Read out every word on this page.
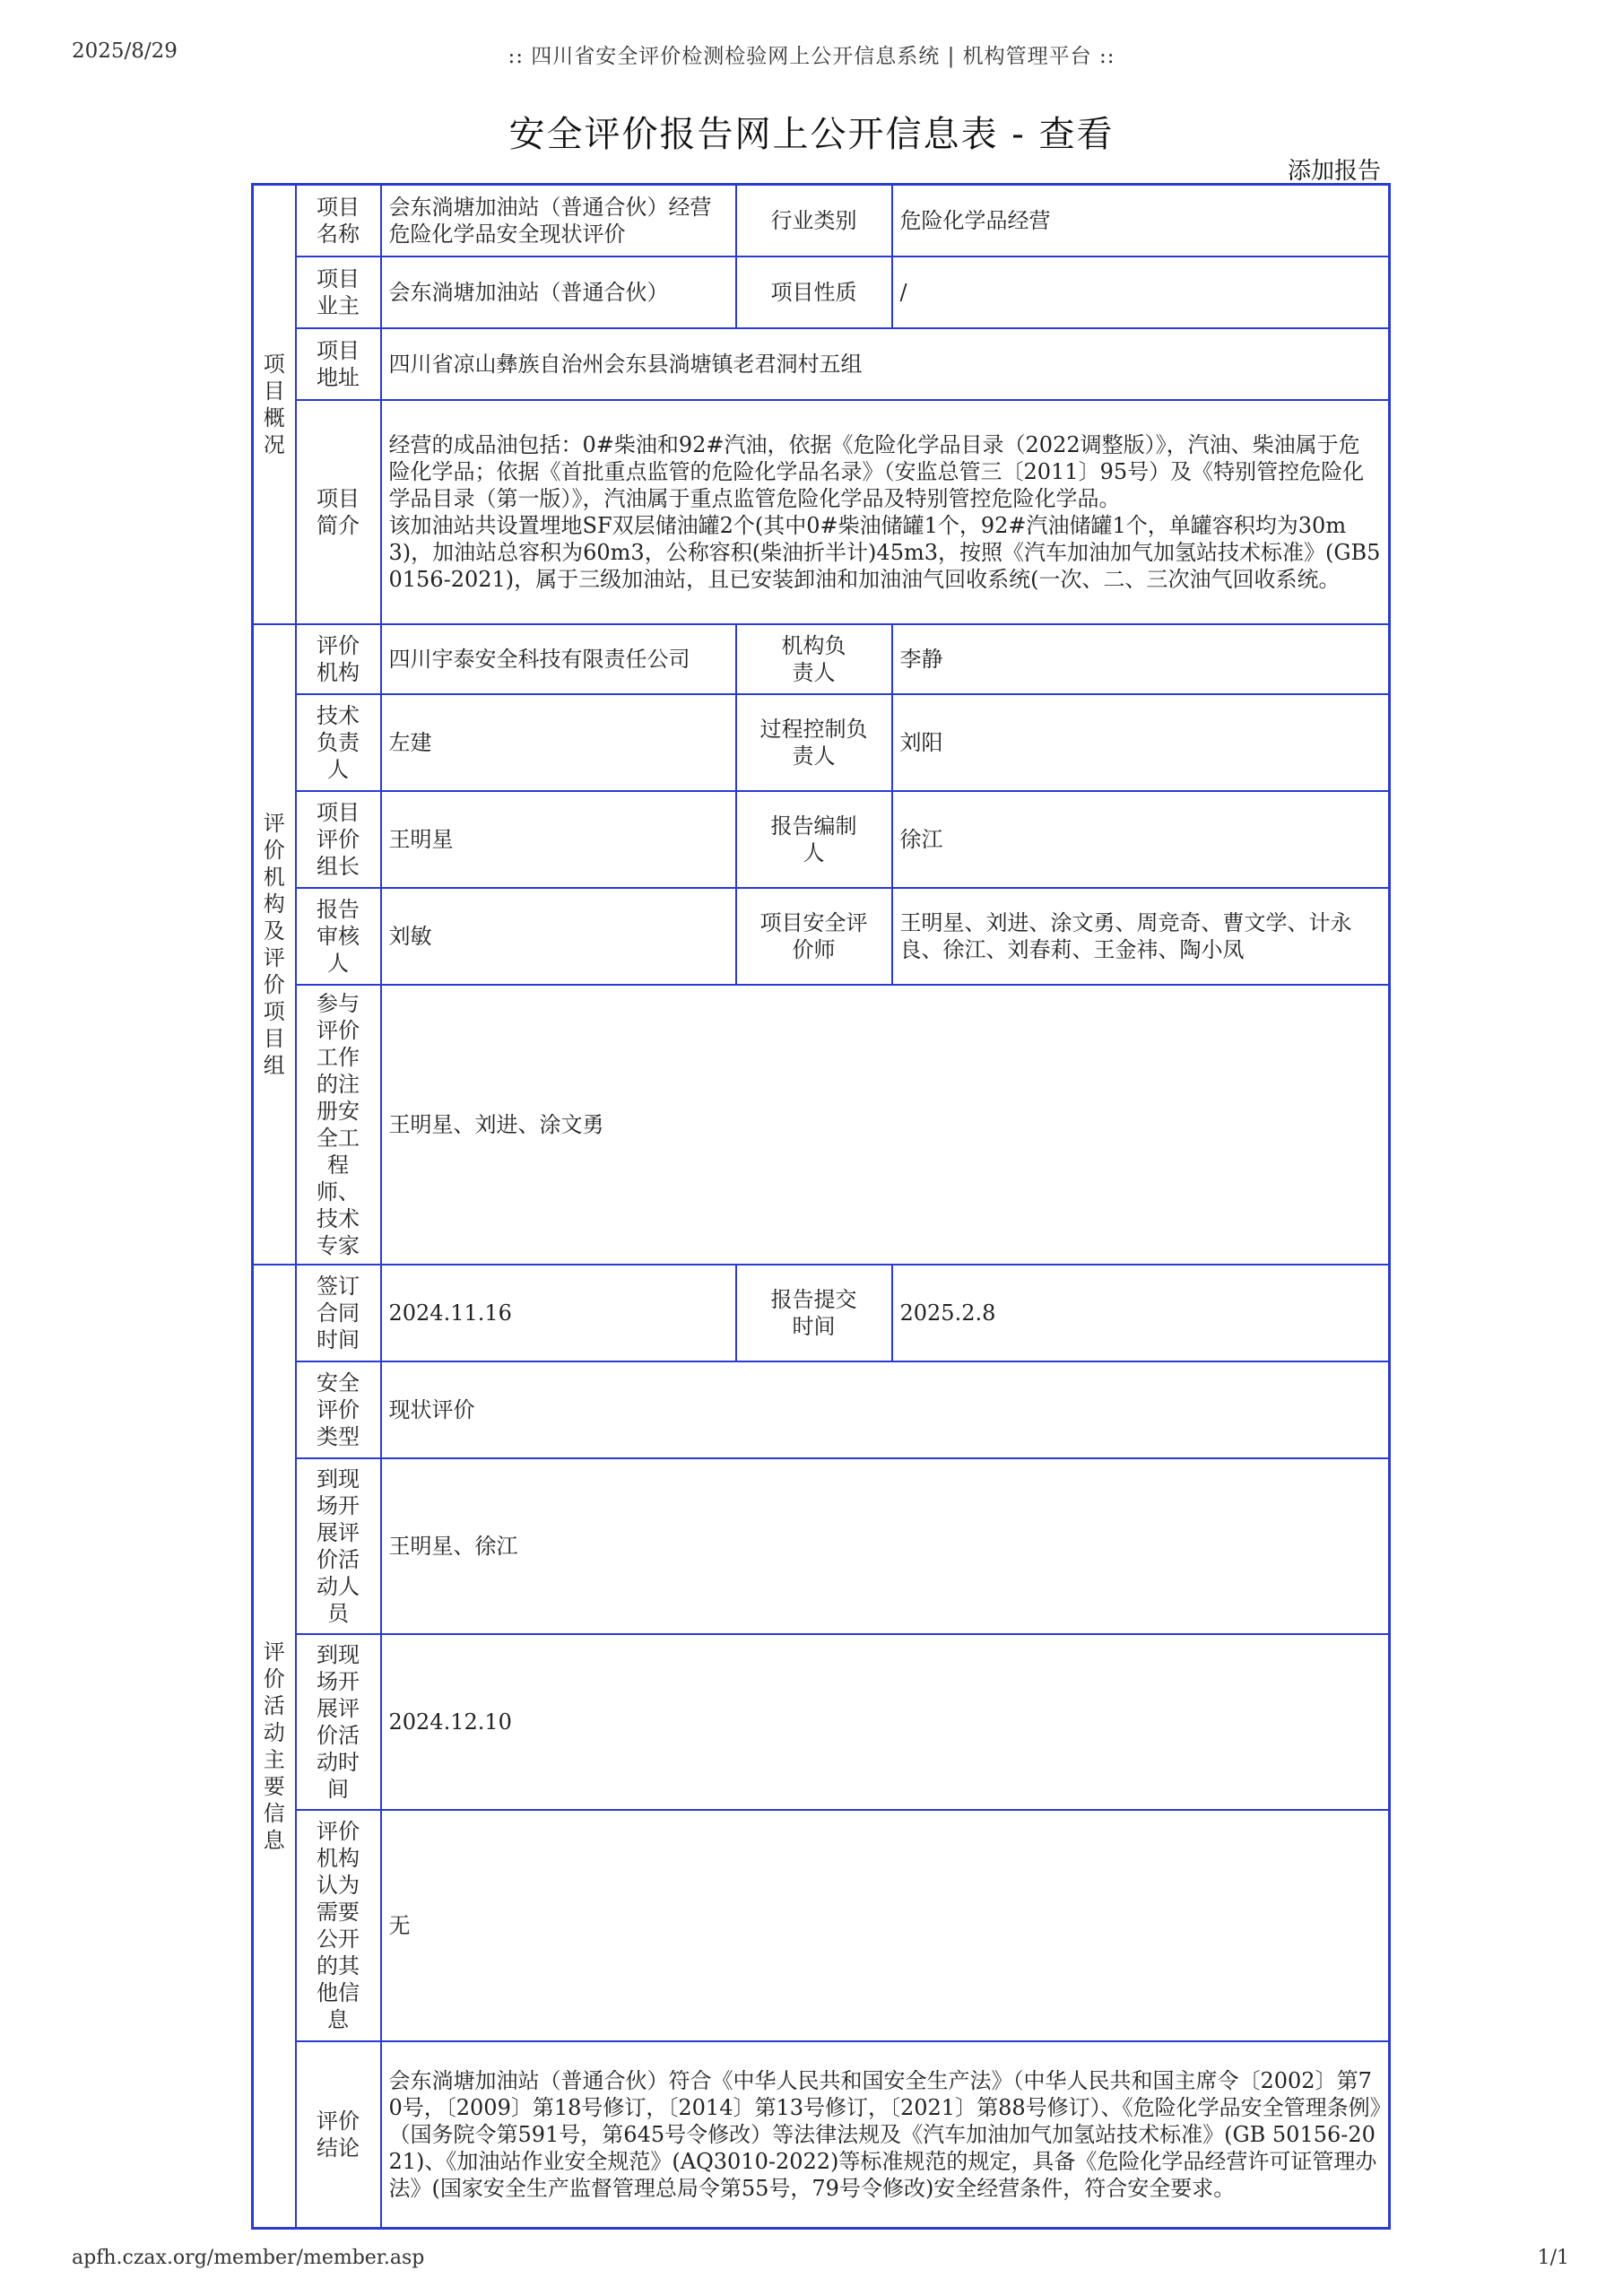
2025/8/29	:: 四川省安全评价检测检验网上公开信息系统 | 机构管理平台 ::
安全评价报告网上公开信息表 - 查看
添加报告
项目概况	项目名称	会东淌塘加油站（普通合伙）经营危险化学品安全现状评价	行业类别	危险化学品经营

	项目业主	会东淌塘加油站（普通合伙）	项目性质	/

	项目地址	四川省凉山彝族自治州会东县淌塘镇老君洞村五组		

	项目简介	经营的成品油包括：0#柴油和92#汽油，依据《危险化学品目录（2022调整版）》，汽油、柴油属于危险化学品；依据《首批重点监管的危险化学品名录》（安监总管三〔2011〕95号）及《特别管控危险化学品目录（第一版）》，汽油属于重点监管危险化学品及特别管控危险化学品。
该加油站共设置埋地SF双层储油罐2个(其中0#柴油储罐1个，92#汽油储罐1个，单罐容积均为30m3)，加油站总容积为60m3，公称容积(柴油折半计)45m3，按照《汽车加油加气加氢站技术标准》(GB50156-2021)，属于三级加油站，且已安装卸油和加油油气回收系统(一次、二、三次油气回收系统。		

评价机构及评价项目组	评价机构	四川宇泰安全科技有限责任公司	机构负责人	李静

	技术负责人	左建	过程控制负责人	刘阳

	项目评价组长	王明星	报告编制人	徐江

	报告审核人	刘敏	项目安全评价师	王明星、刘进、涂文勇、周竞奇、曹文学、计永良、徐江、刘春莉、王金祎、陶小凤

	参与评价工作的注册安全工程师、技术专家	王明星、刘进、涂文勇		

评价活动主要信息	签订合同时间	2024.11.16	报告提交时间	2025.2.8

	安全评价类型	现状评价		

	到现场开展评价活动人员	王明星、徐江		

	到现场开展评价活动时间	2024.12.10		

	评价机构认为需要公开的其他信息	无		

	评价结论	会东淌塘加油站（普通合伙）符合《中华人民共和国安全生产法》（中华人民共和国主席令〔2002〕第70号，〔2009〕第18号修订，〔2014〕第13号修订，〔2021〕第88号修订）、《危险化学品安全管理条例》（国务院令第591号，第645号令修改）等法律法规及《汽车加油加气加氢站技术标准》(GB 50156-2021)、《加油站作业安全规范》(AQ3010-2022)等标准规范的规定，具备《危险化学品经营许可证管理办法》(国家安全生产监督管理总局令第55号，79号令修改)安全经营条件，符合安全要求。		
apfh.czax.org/member/member.asp	1/1
